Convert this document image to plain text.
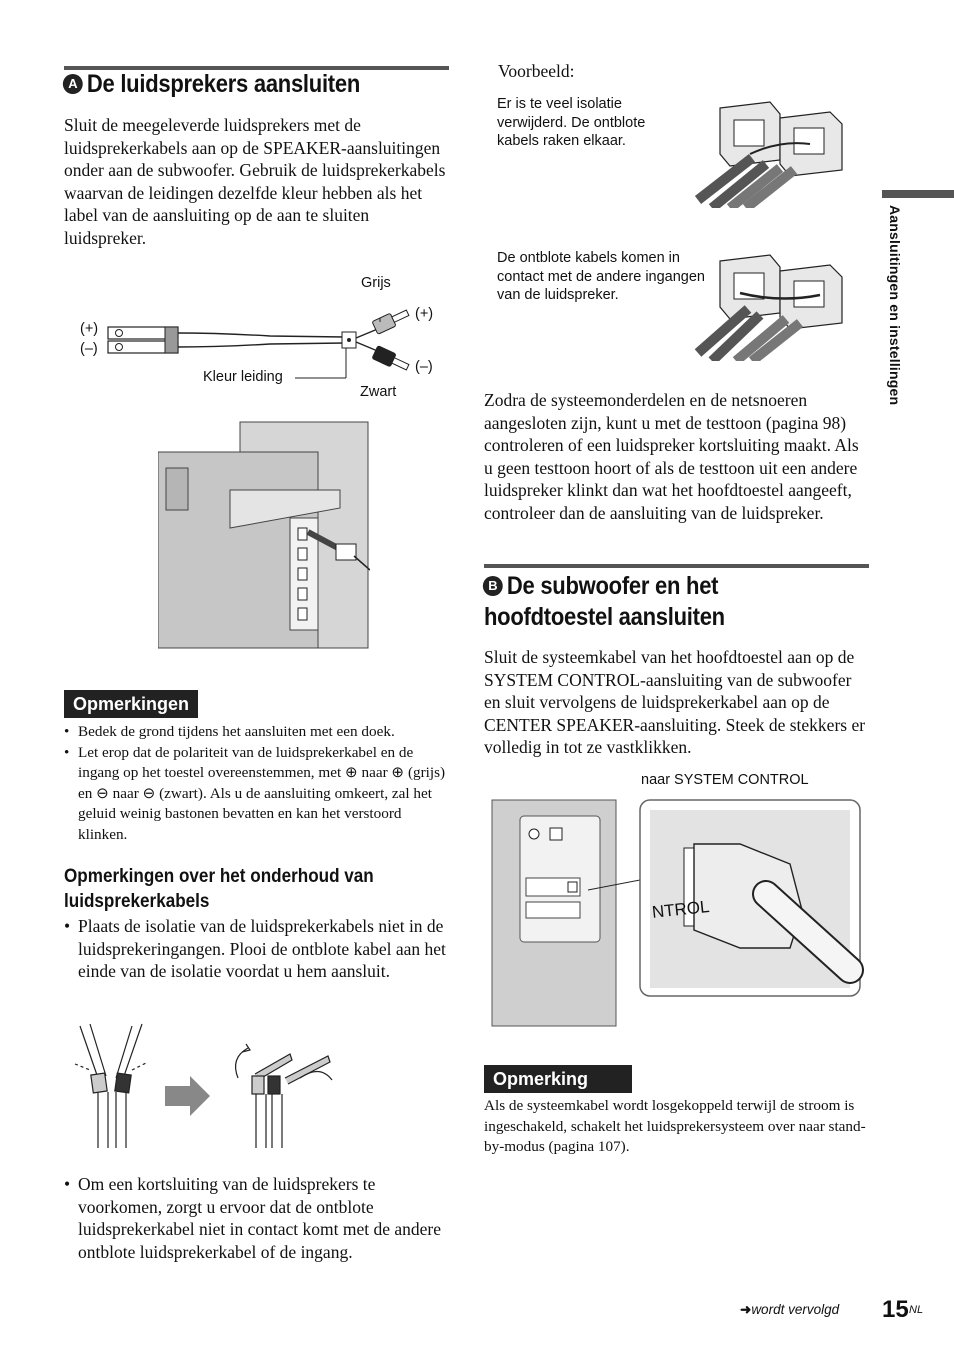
A De luidsprekers aansluiten
Sluit de meegeleverde luidsprekers met de luidsprekerkabels aan op de SPEAKER-aansluitingen onder aan de subwoofer. Gebruik de luidsprekerkabels waarvan de leidingen dezelfde kleur hebben als het label van de aansluiting op de aan te sluiten luidspreker.
Grijs
(+)
(–)
(+)
(–)
Kleur leiding
Zwart
Opmerkingen
• Bedek de grond tijdens het aansluiten met een doek.
• Let erop dat de polariteit van de luidsprekerkabel en de ingang op het toestel overeenstemmen, met ⊕ naar ⊕ (grijs) en ⊖ naar ⊖ (zwart). Als u de aansluiting omkeert, zal het geluid weinig bastonen bevatten en kan het verstoord klinken.
Opmerkingen over het onderhoud van luidsprekerkabels
• Plaats de isolatie van de luidsprekerkabels niet in de luidsprekeringangen. Plooi de ontblote kabel aan het einde van de isolatie voordat u hem aansluit.
• Om een kortsluiting van de luidsprekers te voorkomen, zorgt u ervoor dat de ontblote luidsprekerkabel niet in contact komt met de andere ontblote luidsprekerkabel of de ingang.
Voorbeeld:
Er is te veel isolatie verwijderd. De ontblote kabels raken elkaar.
De ontblote kabels komen in contact met de andere ingangen van de luidspreker.
Zodra de systeemonderdelen en de netsnoeren aangesloten zijn, kunt u met de testtoon (pagina 98) controleren of een luidspreker kortsluiting maakt. Als u geen testtoon hoort of als de testtoon uit een andere luidspreker klinkt dan wat het hoofdtoestel aangeeft, controleer dan de aansluiting van de luidspreker.
B De subwoofer en het
hoofdtoestel aansluiten
Sluit de systeemkabel van het hoofdtoestel aan op de SYSTEM CONTROL-aansluiting van de subwoofer en sluit vervolgens de luidsprekerkabel aan op de CENTER SPEAKER-aansluiting. Steek de stekkers er volledig in tot ze vastklikken.
naar SYSTEM CONTROL
NTROL
Opmerking
Als de systeemkabel wordt losgekoppeld terwijl de stroom is ingeschakeld, schakelt het luidsprekersysteem over naar stand-by-modus (pagina 107).
Aansluitingen en instellingen
➜wordt vervolgd 15 NL
